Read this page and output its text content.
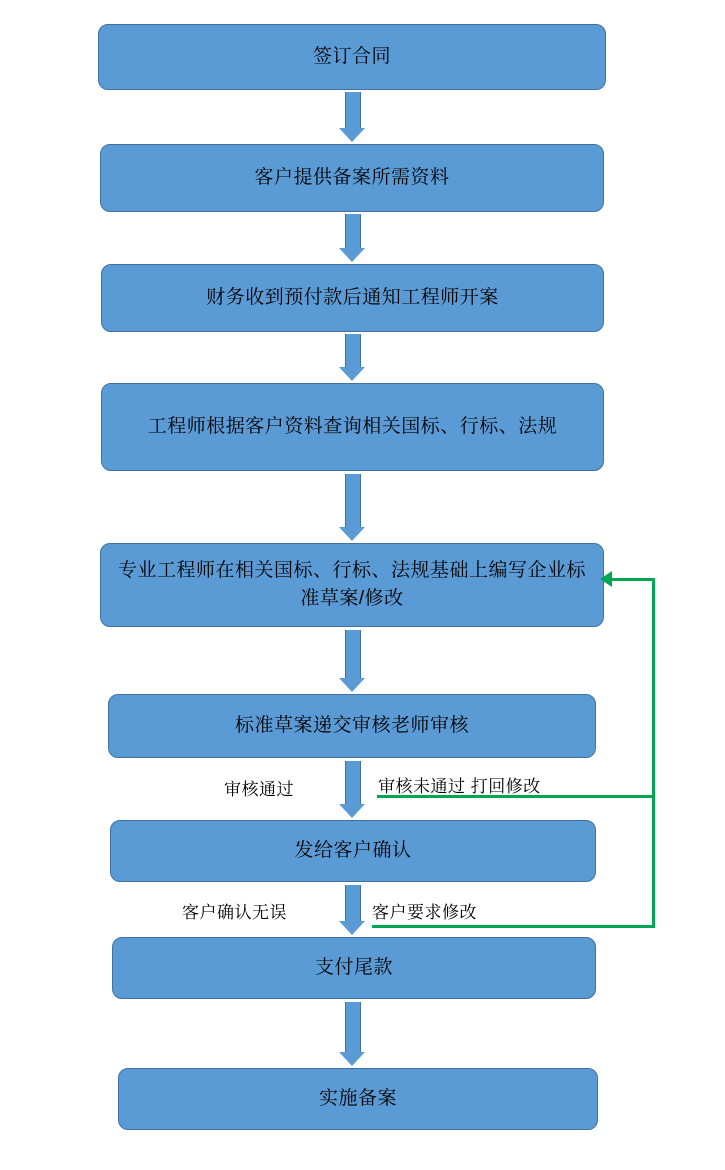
签订合同
客户提供备案所需资料
财务收到预付款后通知工程师开案
工程师根据客户资料查询相关国标、行标、法规
专业工程师在相关国标、行标、法规基础上编写企业标准草案/修改
标准草案递交审核老师审核
发给客户确认
支付尾款
实施备案
审核通过	审核未通过 打回修改
客户确认无误	客户要求修改
